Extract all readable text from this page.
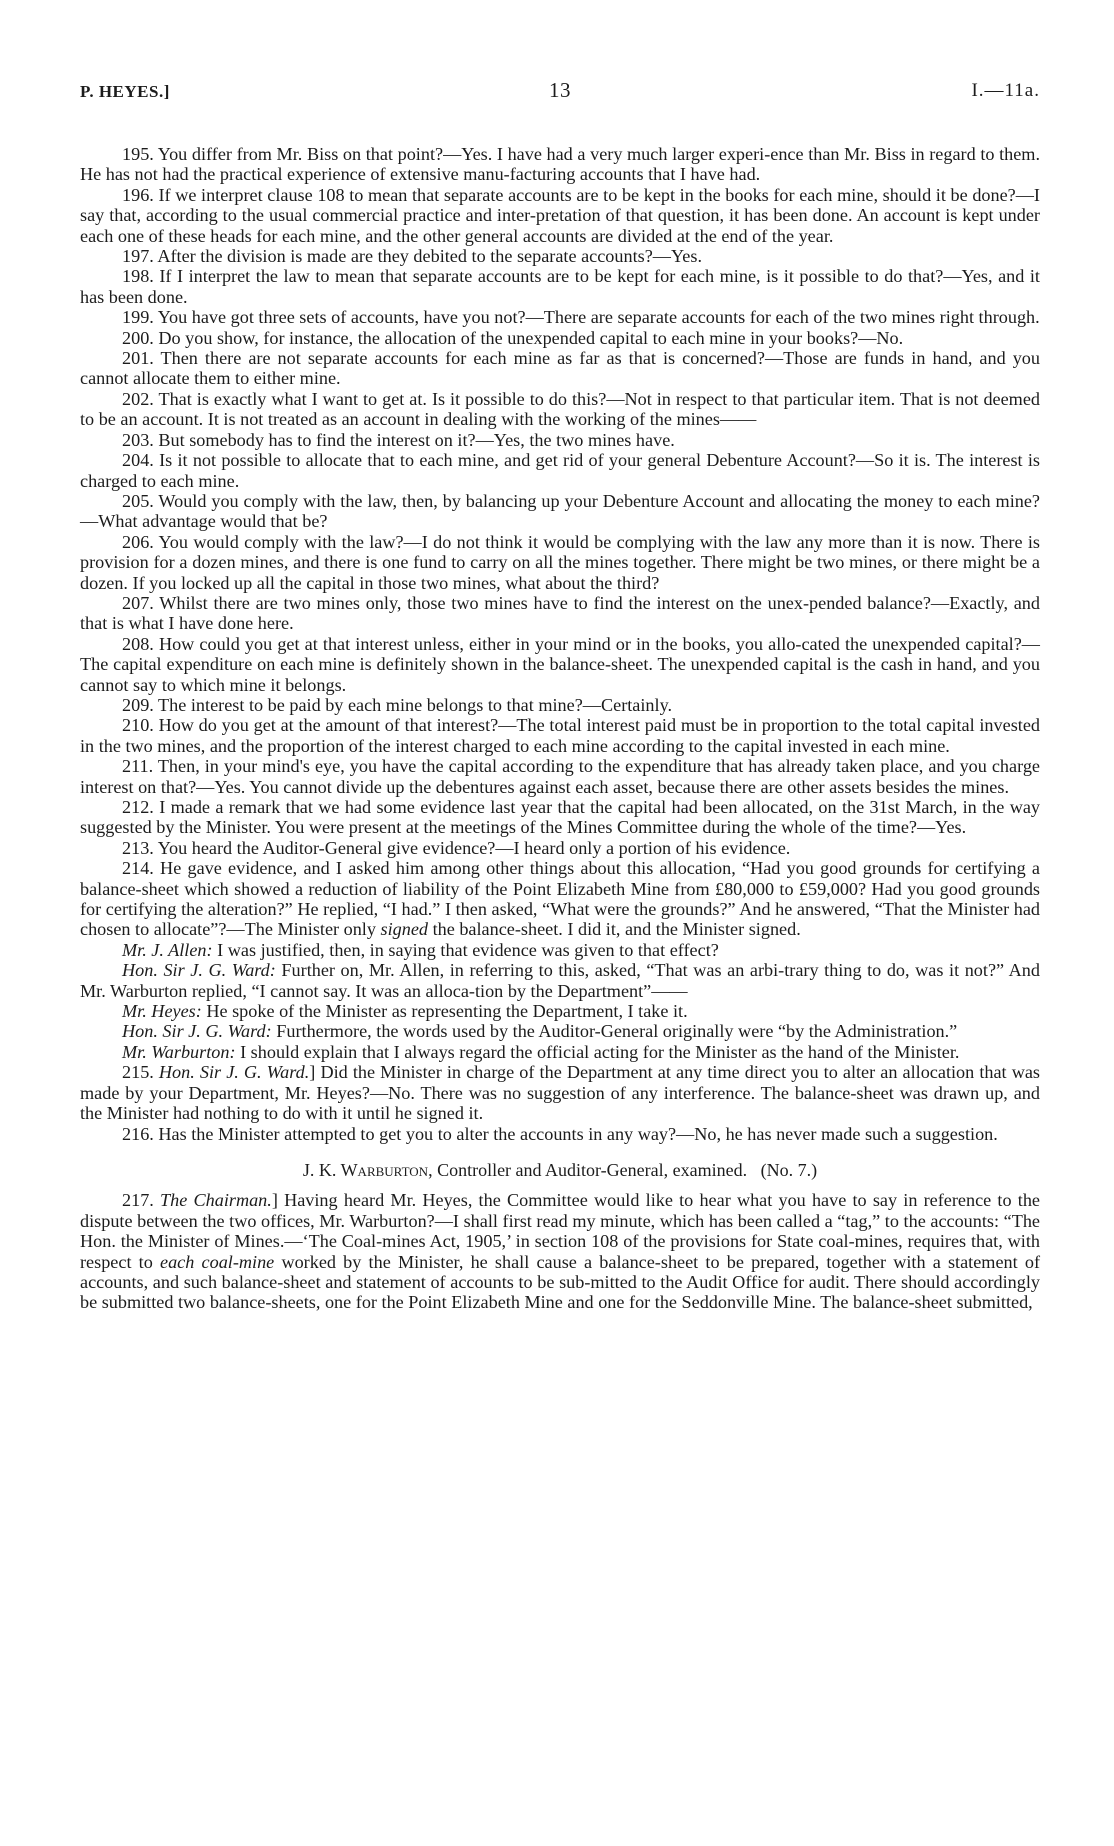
P. HEYES.]	13	I.—11a.

195. You differ from Mr. Biss on that point?—Yes. I have had a very much larger experi-ence than Mr. Biss in regard to them. He has not had the practical experience of extensive manu-facturing accounts that I have had.

196. If we interpret clause 108 to mean that separate accounts are to be kept in the books for each mine, should it be done?—I say that, according to the usual commercial practice and inter-pretation of that question, it has been done. An account is kept under each one of these heads for each mine, and the other general accounts are divided at the end of the year.

197. After the division is made are they debited to the separate accounts?—Yes.

198. If I interpret the law to mean that separate accounts are to be kept for each mine, is it possible to do that?—Yes, and it has been done.

199. You have got three sets of accounts, have you not?—There are separate accounts for each of the two mines right through.

200. Do you show, for instance, the allocation of the unexpended capital to each mine in your books?—No.

201. Then there are not separate accounts for each mine as far as that is concerned?—Those are funds in hand, and you cannot allocate them to either mine.

202. That is exactly what I want to get at. Is it possible to do this?—Not in respect to that particular item. That is not deemed to be an account. It is not treated as an account in dealing with the working of the mines——

203. But somebody has to find the interest on it?—Yes, the two mines have.

204. Is it not possible to allocate that to each mine, and get rid of your general Debenture Account?—So it is. The interest is charged to each mine.

205. Would you comply with the law, then, by balancing up your Debenture Account and allocating the money to each mine?—What advantage would that be?

206. You would comply with the law?—I do not think it would be complying with the law any more than it is now. There is provision for a dozen mines, and there is one fund to carry on all the mines together. There might be two mines, or there might be a dozen. If you locked up all the capital in those two mines, what about the third?

207. Whilst there are two mines only, those two mines have to find the interest on the unex-pended balance?—Exactly, and that is what I have done here.

208. How could you get at that interest unless, either in your mind or in the books, you allo-cated the unexpended capital?—The capital expenditure on each mine is definitely shown in the balance-sheet. The unexpended capital is the cash in hand, and you cannot say to which mine it belongs.

209. The interest to be paid by each mine belongs to that mine?—Certainly.

210. How do you get at the amount of that interest?—The total interest paid must be in proportion to the total capital invested in the two mines, and the proportion of the interest charged to each mine according to the capital invested in each mine.

211. Then, in your mind's eye, you have the capital according to the expenditure that has already taken place, and you charge interest on that?—Yes. You cannot divide up the debentures against each asset, because there are other assets besides the mines.

212. I made a remark that we had some evidence last year that the capital had been allocated, on the 31st March, in the way suggested by the Minister. You were present at the meetings of the Mines Committee during the whole of the time?—Yes.

213. You heard the Auditor-General give evidence?—I heard only a portion of his evidence.

214. He gave evidence, and I asked him among other things about this allocation, “Had you good grounds for certifying a balance-sheet which showed a reduction of liability of the Point Elizabeth Mine from £80,000 to £59,000? Had you good grounds for certifying the alteration?” He replied, “I had.” I then asked, “What were the grounds?” And he answered, “That the Minister had chosen to allocate”?—The Minister only signed the balance-sheet. I did it, and the Minister signed.

Mr. J. Allen: I was justified, then, in saying that evidence was given to that effect?

Hon. Sir J. G. Ward: Further on, Mr. Allen, in referring to this, asked, “That was an arbi-trary thing to do, was it not?” And Mr. Warburton replied, “I cannot say. It was an alloca-tion by the Department”——

Mr. Heyes: He spoke of the Minister as representing the Department, I take it.

Hon. Sir J. G. Ward: Furthermore, the words used by the Auditor-General originally were “by the Administration.”

Mr. Warburton: I should explain that I always regard the official acting for the Minister as the hand of the Minister.

215. Hon. Sir J. G. Ward.] Did the Minister in charge of the Department at any time direct you to alter an allocation that was made by your Department, Mr. Heyes?—No. There was no suggestion of any interference. The balance-sheet was drawn up, and the Minister had nothing to do with it until he signed it.

216. Has the Minister attempted to get you to alter the accounts in any way?—No, he has never made such a suggestion.

J. K. Warburton, Controller and Auditor-General, examined. (No. 7.)

217. The Chairman.] Having heard Mr. Heyes, the Committee would like to hear what you have to say in reference to the dispute between the two offices, Mr. Warburton?—I shall first read my minute, which has been called a “tag,” to the accounts: “The Hon. the Minister of Mines.—‘The Coal-mines Act, 1905,’ in section 108 of the provisions for State coal-mines, requires that, with respect to each coal-mine worked by the Minister, he shall cause a balance-sheet to be prepared, together with a statement of accounts, and such balance-sheet and statement of accounts to be sub-mitted to the Audit Office for audit. There should accordingly be submitted two balance-sheets, one for the Point Elizabeth Mine and one for the Seddonville Mine. The balance-sheet submitted,
